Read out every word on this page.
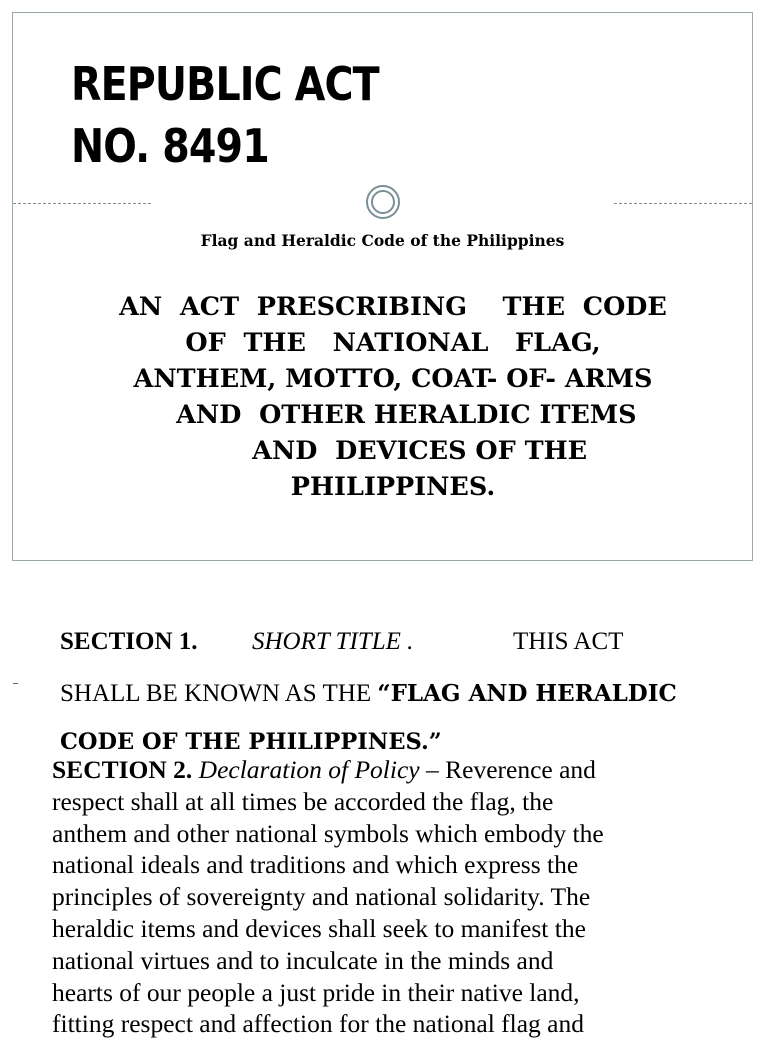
REPUBLIC ACT
NO. 8491
Flag and Heraldic Code of the Philippines
AN  ACT  PRESCRIBING    THE  CODE
OF  THE   NATIONAL   FLAG,
ANTHEM, MOTTO, COAT- OF- ARMS
AND  OTHER HERALDIC ITEMS
AND  DEVICES OF THE
PHILIPPINES.
SECTION 1. SHORT TITLE .	THIS ACT
SHALL BE KNOWN AS THE “FLAG AND HERALDIC
CODE OF THE PHILIPPINES.”
SECTION 2. Declaration of Policy – Reverence and
respect shall at all times be accorded the flag, the
anthem and other national symbols which embody the
national ideals and traditions and which express the
principles of sovereignty and national solidarity. The
heraldic items and devices shall seek to manifest the
national virtues and to inculcate in the minds and
hearts of our people a just pride in their native land,
fitting respect and affection for the national flag and
